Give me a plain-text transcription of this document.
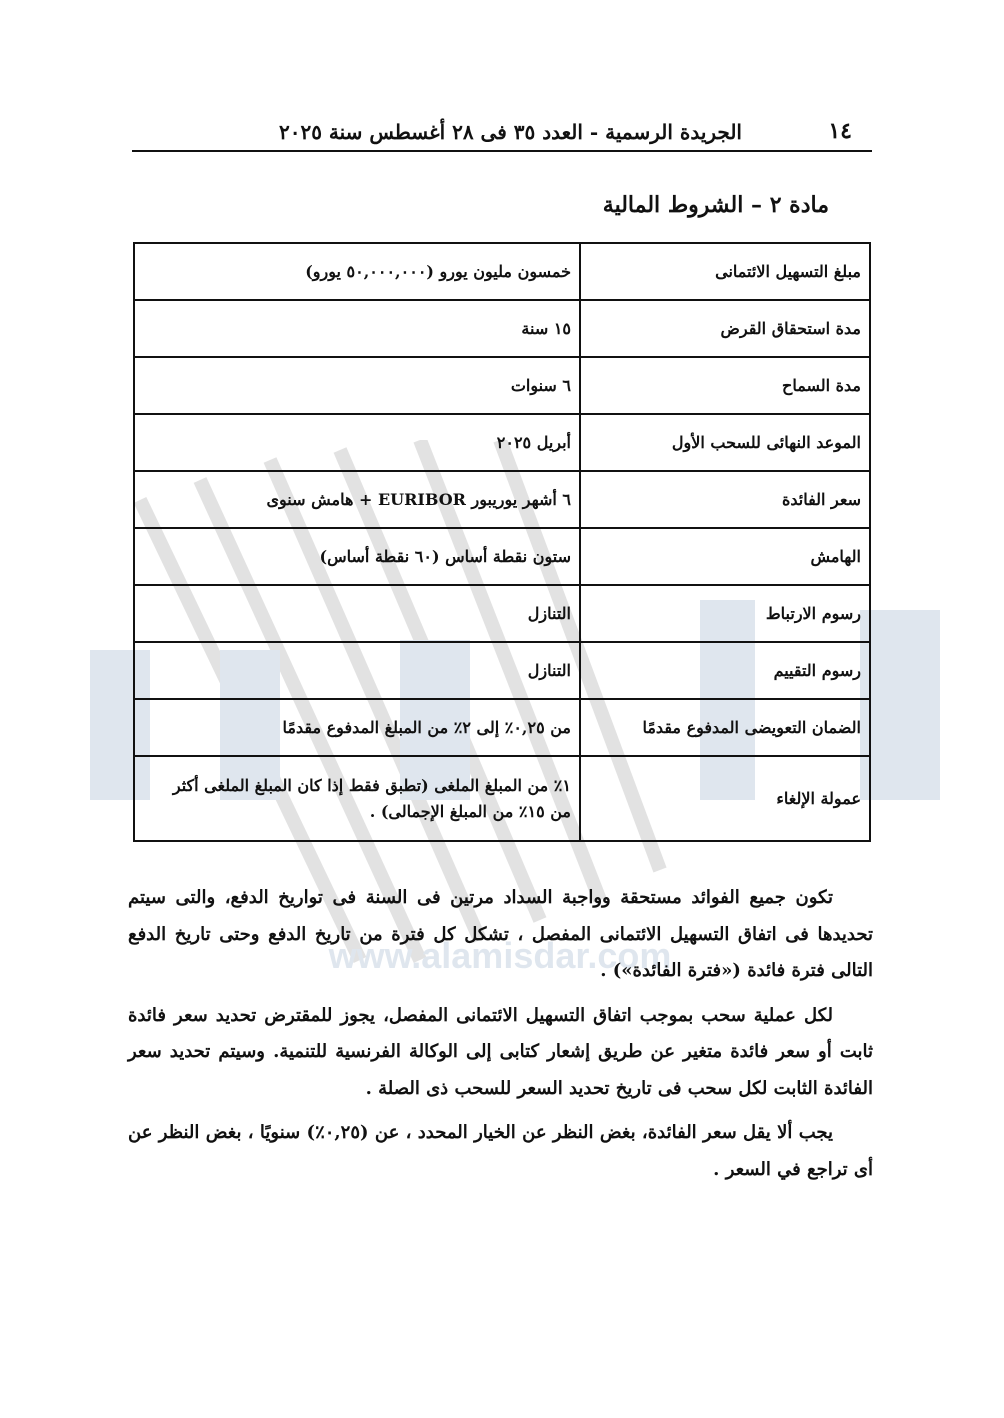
www.alamisdar.com
١٤
الجريدة الرسمية - العدد ٣٥ فى ٢٨ أغسطس سنة ٢٠٢٥
مادة ٢ – الشروط المالية
مبلغ التسهيل الائتمانى	خمسون مليون يورو (٥٠,٠٠٠,٠٠٠ يورو)
مدة استحقاق القرض	١٥ سنة
مدة السماح	٦ سنوات
الموعد النهائى للسحب الأول	أبريل ٢٠٢٥
سعر الفائدة	٦ أشهر يوريبور EURIBOR + هامش سنوى
الهامش	ستون نقطة أساس (٦٠ نقطة أساس)
رسوم الارتباط	التنازل
رسوم التقييم	التنازل
الضمان التعويضى المدفوع مقدمًا	من ٠,٢٥٪ إلى ٢٪ من المبلغ المدفوع مقدمًا
عمولة الإلغاء	١٪ من المبلغ الملغى (تطبق فقط إذا كان المبلغ الملغى أكثر
من ١٥٪ من المبلغ الإجمالى) .

تكون جميع الفوائد مستحقة وواجبة السداد مرتين فى السنة فى تواريخ الدفع، والتى سيتم تحديدها فى اتفاق التسهيل الائتمانى المفصل ، تشكل كل فترة من تاريخ الدفع وحتى تاريخ الدفع التالى فترة فائدة («فترة الفائدة») .

لكل عملية سحب بموجب اتفاق التسهيل الائتمانى المفصل، يجوز للمقترض تحديد سعر فائدة ثابت أو سعر فائدة متغير عن طريق إشعار كتابى إلى الوكالة الفرنسية للتنمية. وسيتم تحديد سعر الفائدة الثابت لكل سحب فى تاريخ تحديد السعر للسحب ذى الصلة .

يجب ألا يقل سعر الفائدة، بغض النظر عن الخيار المحدد ، عن (٠,٢٥٪) سنويًا ، بغض النظر عن أى تراجع في السعر .
